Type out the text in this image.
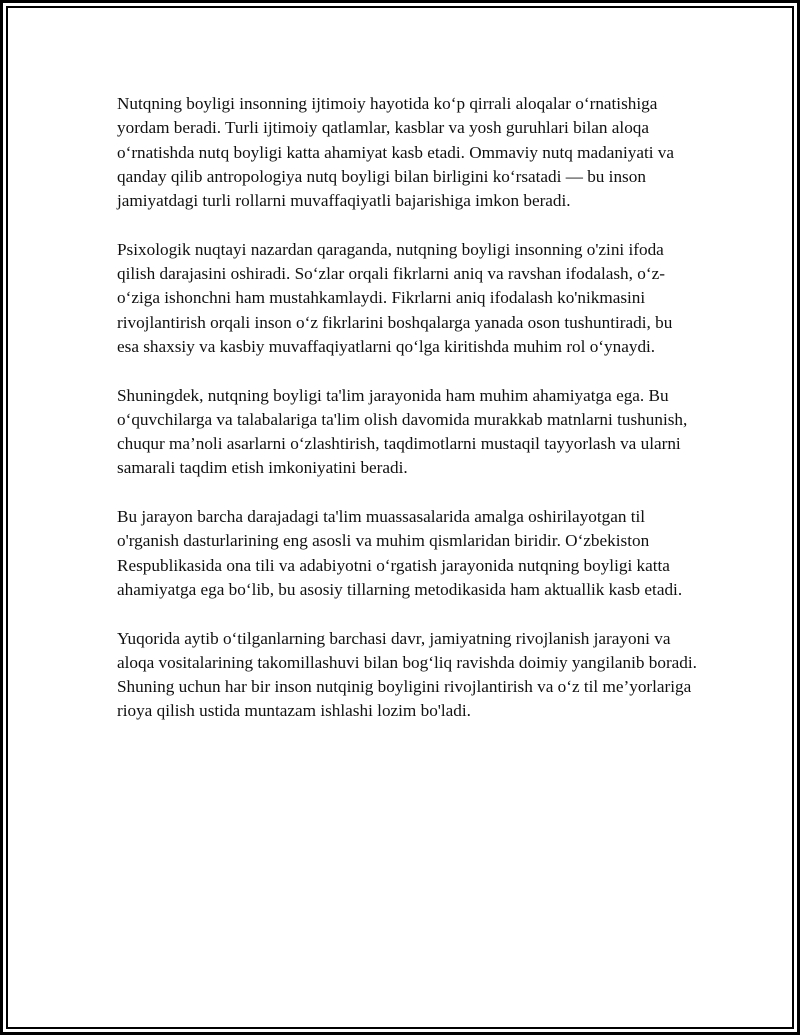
Nutqning boyligi insonning ijtimoiy hayotida ko‘p qirrali aloqalar o‘rnatishiga yordam beradi. Turli ijtimoiy qatlamlar, kasblar va yosh guruhlari bilan aloqa o‘rnatishda nutq boyligi katta ahamiyat kasb etadi. Ommaviy nutq madaniyati va qanday qilib antropologiya nutq boyligi bilan birligini ko‘rsatadi — bu inson jamiyatdagi turli rollarni muvaffaqiyatli bajarishiga imkon beradi.

Psixologik nuqtayi nazardan qaraganda, nutqning boyligi insonning o'zini ifoda qilish darajasini oshiradi. So‘zlar orqali fikrlarni aniq va ravshan ifodalash, o‘z-o‘ziga ishonchni ham mustahkamlaydi. Fikrlarni aniq ifodalash ko'nikmasini rivojlantirish orqali inson o‘z fikrlarini boshqalarga yanada oson tushuntiradi, bu esa shaxsiy va kasbiy muvaffaqiyatlarni qo‘lga kiritishda muhim rol o‘ynaydi.

Shuningdek, nutqning boyligi ta'lim jarayonida ham muhim ahamiyatga ega. Bu o‘quvchilarga va talabalariga ta'lim olish davomida murakkab matnlarni tushunish, chuqur ma’noli asarlarni o‘zlashtirish, taqdimotlarni mustaqil tayyorlash va ularni samarali taqdim etish imkoniyatini beradi.

Bu jarayon barcha darajadagi ta'lim muassasalarida amalga oshirilayotgan til o'rganish dasturlarining eng asosli va muhim qismlaridan biridir. O‘zbekiston Respublikasida ona tili va adabiyotni o‘rgatish jarayonida nutqning boyligi katta ahamiyatga ega bo‘lib, bu asosiy tillarning metodikasida ham aktuallik kasb etadi.

Yuqorida aytib o‘tilganlarning barchasi davr, jamiyatning rivojlanish jarayoni va aloqa vositalarining takomillashuvi bilan bog‘liq ravishda doimiy yangilanib boradi. Shuning uchun har bir inson nutqinig boyligini rivojlantirish va o‘z til me’yorlariga rioya qilish ustida muntazam ishlashi lozim bo'ladi.
